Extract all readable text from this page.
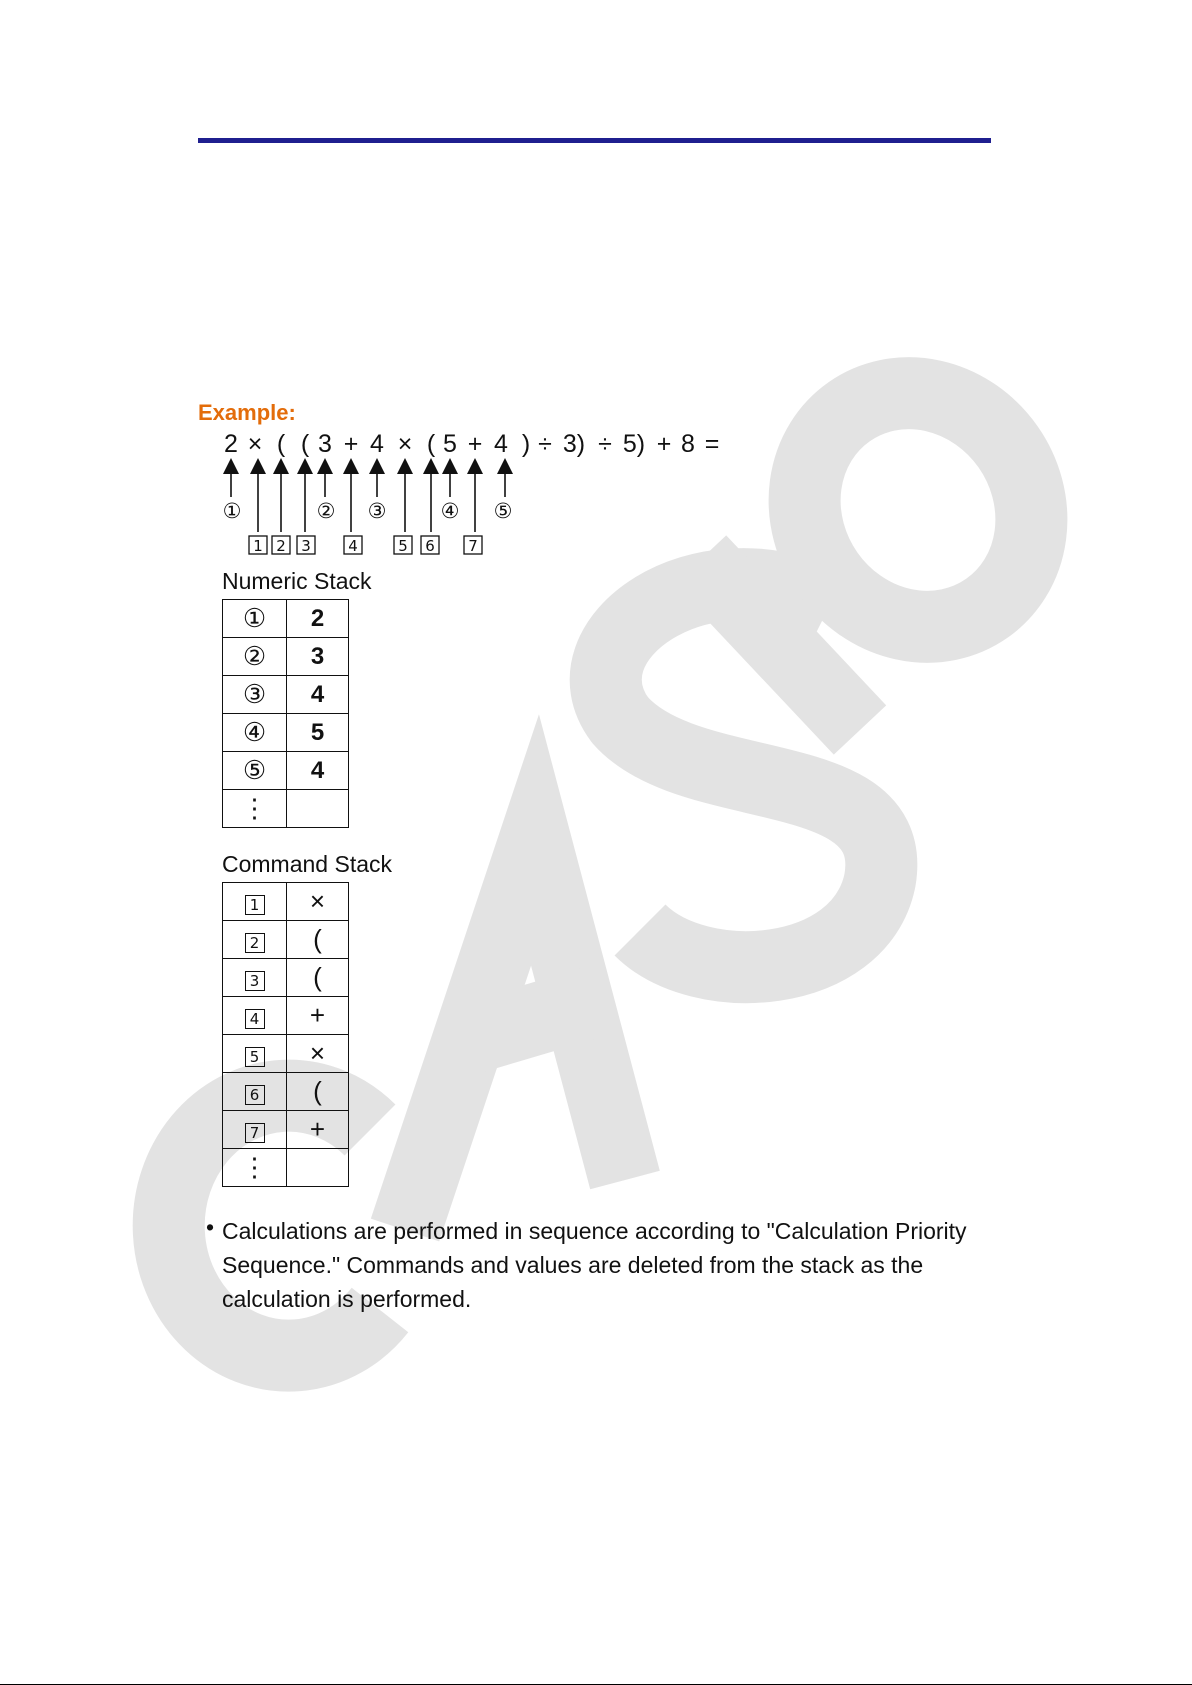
Example:
2 × ( ( 3 + 4 × ( 5 + 4 ) ÷ 3) ÷ 5) + 8 =
①	② ③	④ ⑤
1 2 3 4	5 6 7
Numeric Stack
①	2
②	3
③	4
④	5
⑤	4
⋮	
Command Stack
1	×
2	(
3	(
4	+
5	×
6	(
7	+
⋮	
• Calculations are performed in sequence according to "Calculation Priority Sequence." Commands and values are deleted from the stack as the calculation is performed.
